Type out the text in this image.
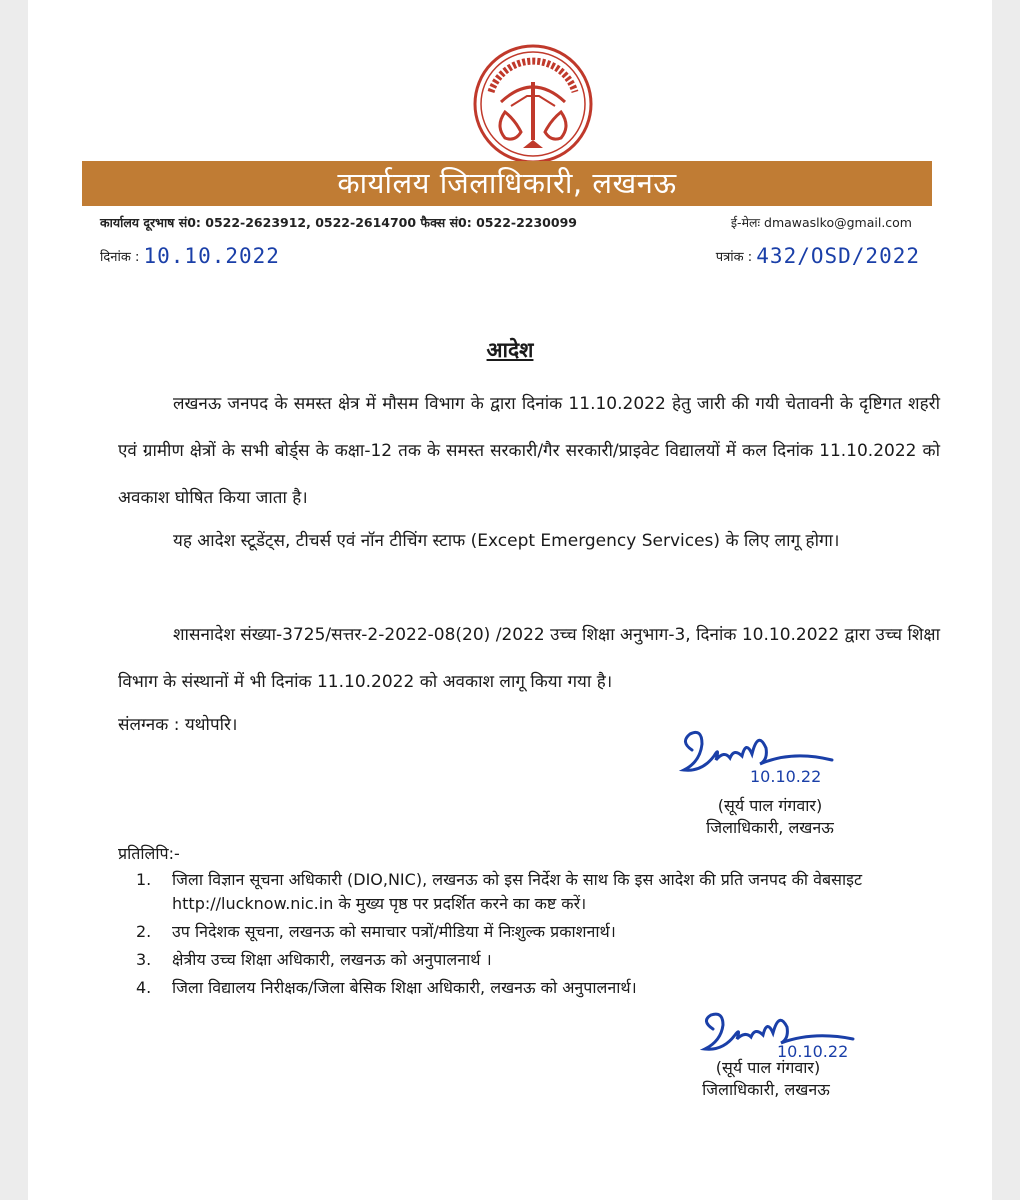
कार्यालय जिलाधिकारी, लखनऊ
कार्यालय दूरभाष सं0: 0522-2623912, 0522-2614700 फैक्स सं0: 0522-2230099	ई-मेलः dmawaslko@gmail.com
दिनांक : 10.10.2022	पत्रांक : 432/OSD/2022
आदेश
लखनऊ जनपद के समस्त क्षेत्र में मौसम विभाग के द्वारा दिनांक 11.10.2022 हेतु जारी की गयी चेतावनी के दृष्टिगत शहरी एवं ग्रामीण क्षेत्रों के सभी बोर्ड्स के कक्षा-12 तक के समस्त सरकारी/गैर सरकारी/प्राइवेट विद्यालयों में कल दिनांक 11.10.2022 को अवकाश घोषित किया जाता है।
यह आदेश स्टूडेंट्स, टीचर्स एवं नॉन टीचिंग स्टाफ (Except Emergency Services) के लिए लागू होगा।
शासनादेश संख्या-3725/सत्तर-2-2022-08(20) /2022 उच्च शिक्षा अनुभाग-3, दिनांक 10.10.2022 द्वारा उच्च शिक्षा विभाग के संस्थानों में भी दिनांक 11.10.2022 को अवकाश लागू किया गया है।
संलग्नक : यथोपरि।
10.10.22
(सूर्य पाल गंगवार)
जिलाधिकारी, लखनऊ
प्रतिलिपि:-
1. जिला विज्ञान सूचना अधिकारी (DIO,NIC), लखनऊ को इस निर्देश के साथ कि इस आदेश की प्रति जनपद की वेबसाइट http://lucknow.nic.in के मुख्य पृष्ठ पर प्रदर्शित करने का कष्ट करें।
2. उप निदेशक सूचना, लखनऊ को समाचार पत्रों/मीडिया में निःशुल्क प्रकाशनार्थ।
3. क्षेत्रीय उच्च शिक्षा अधिकारी, लखनऊ को अनुपालनार्थ ।
4. जिला विद्यालय निरीक्षक/जिला बेसिक शिक्षा अधिकारी, लखनऊ को अनुपालनार्थ।
10.10.22
(सूर्य पाल गंगवार)
जिलाधिकारी, लखनऊ
